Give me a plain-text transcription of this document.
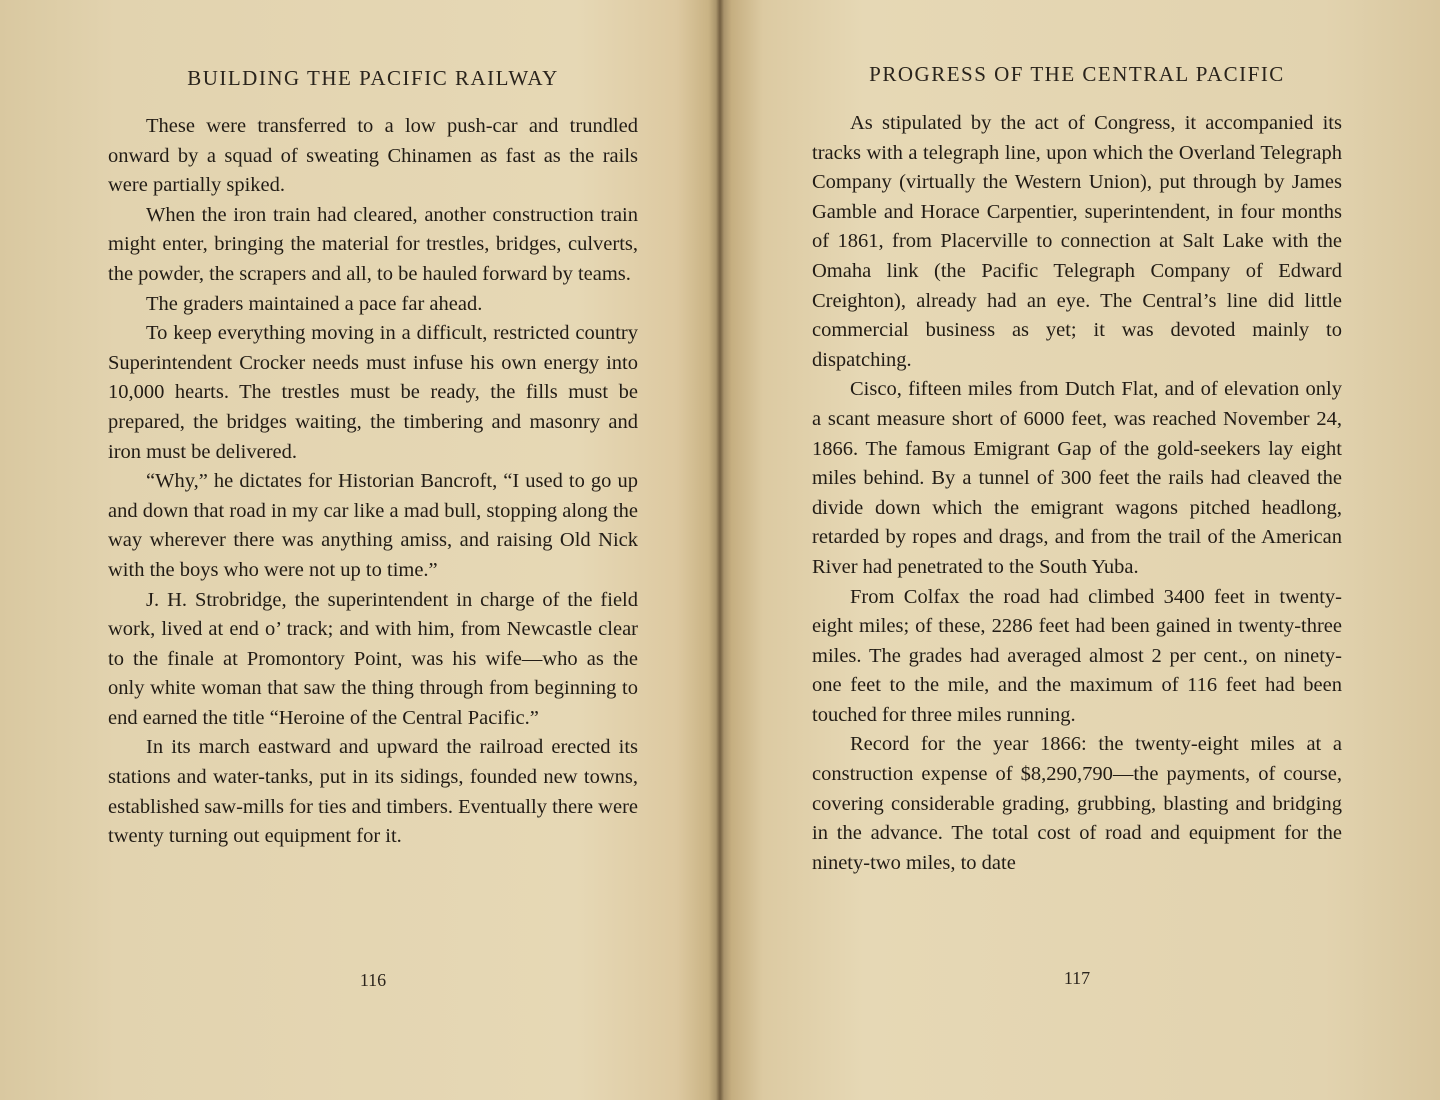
BUILDING THE PACIFIC RAILWAY

These were transferred to a low push-car and trundled onward by a squad of sweating Chinamen as fast as the rails were partially spiked.

When the iron train had cleared, another construction train might enter, bringing the material for trestles, bridges, culverts, the powder, the scrapers and all, to be hauled forward by teams.

The graders maintained a pace far ahead.

To keep everything moving in a difficult, restricted country Superintendent Crocker needs must infuse his own energy into 10,000 hearts. The trestles must be ready, the fills must be prepared, the bridges waiting, the timbering and masonry and iron must be delivered.

“Why,” he dictates for Historian Bancroft, “I used to go up and down that road in my car like a mad bull, stopping along the way wherever there was anything amiss, and raising Old Nick with the boys who were not up to time.”

J. H. Strobridge, the superintendent in charge of the field work, lived at end o’ track; and with him, from Newcastle clear to the finale at Promontory Point, was his wife—who as the only white woman that saw the thing through from beginning to end earned the title “Heroine of the Central Pacific.”

In its march eastward and upward the railroad erected its stations and water-tanks, put in its sidings, founded new towns, established saw-mills for ties and timbers. Eventually there were twenty turning out equipment for it.

116
PROGRESS OF THE CENTRAL PACIFIC

As stipulated by the act of Congress, it accompanied its tracks with a telegraph line, upon which the Overland Telegraph Company (virtually the Western Union), put through by James Gamble and Horace Carpentier, superintendent, in four months of 1861, from Placerville to connection at Salt Lake with the Omaha link (the Pacific Telegraph Company of Edward Creighton), already had an eye. The Central’s line did little commercial business as yet; it was devoted mainly to dispatching.

Cisco, fifteen miles from Dutch Flat, and of elevation only a scant measure short of 6000 feet, was reached November 24, 1866. The famous Emigrant Gap of the gold-seekers lay eight miles behind. By a tunnel of 300 feet the rails had cleaved the divide down which the emigrant wagons pitched headlong, retarded by ropes and drags, and from the trail of the American River had penetrated to the South Yuba.

From Colfax the road had climbed 3400 feet in twenty-eight miles; of these, 2286 feet had been gained in twenty-three miles. The grades had averaged almost 2 per cent., on ninety-one feet to the mile, and the maximum of 116 feet had been touched for three miles running.

Record for the year 1866: the twenty-eight miles at a construction expense of $8,290,790—the payments, of course, covering considerable grading, grubbing, blasting and bridging in the advance. The total cost of road and equipment for the ninety-two miles, to date

117
